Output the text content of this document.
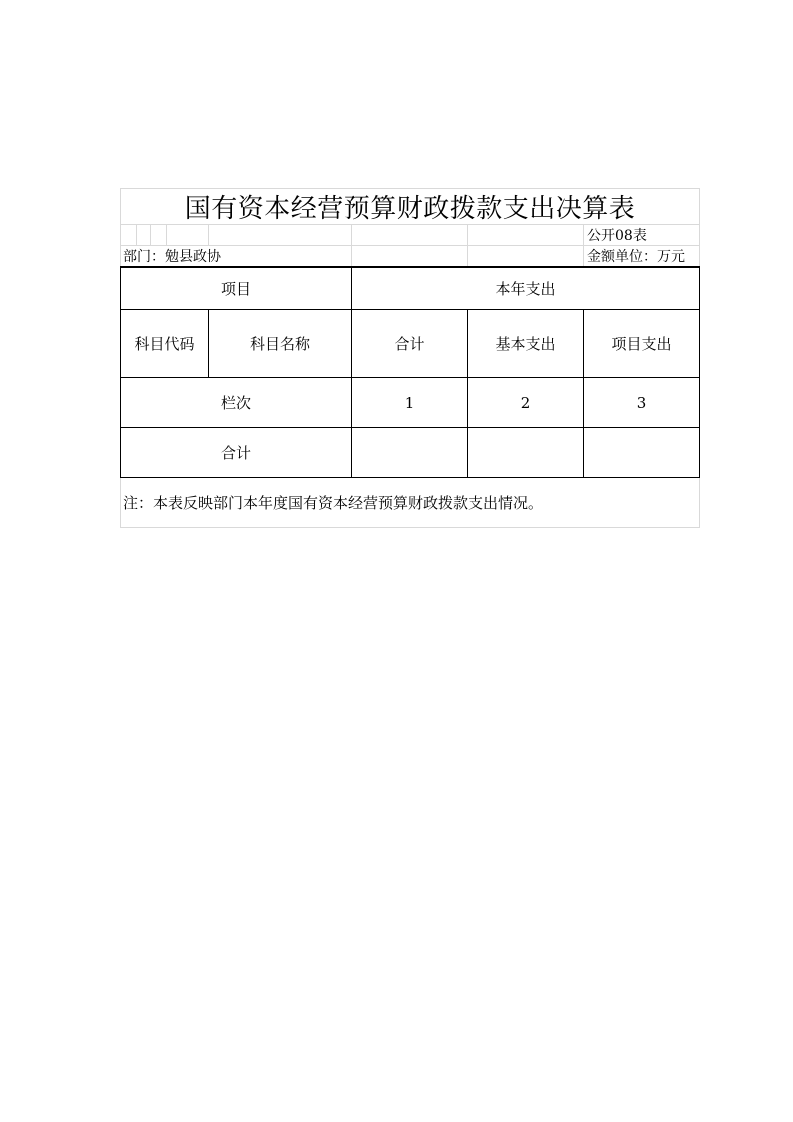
国有资本经营预算财政拨款支出决算表
公开08表
部门：勉县政协	金额单位：万元
项目	本年支出
科目代码	科目名称	合计	基本支出	项目支出
栏次	1	2	3
合计
注：本表反映部门本年度国有资本经营预算财政拨款支出情况。
